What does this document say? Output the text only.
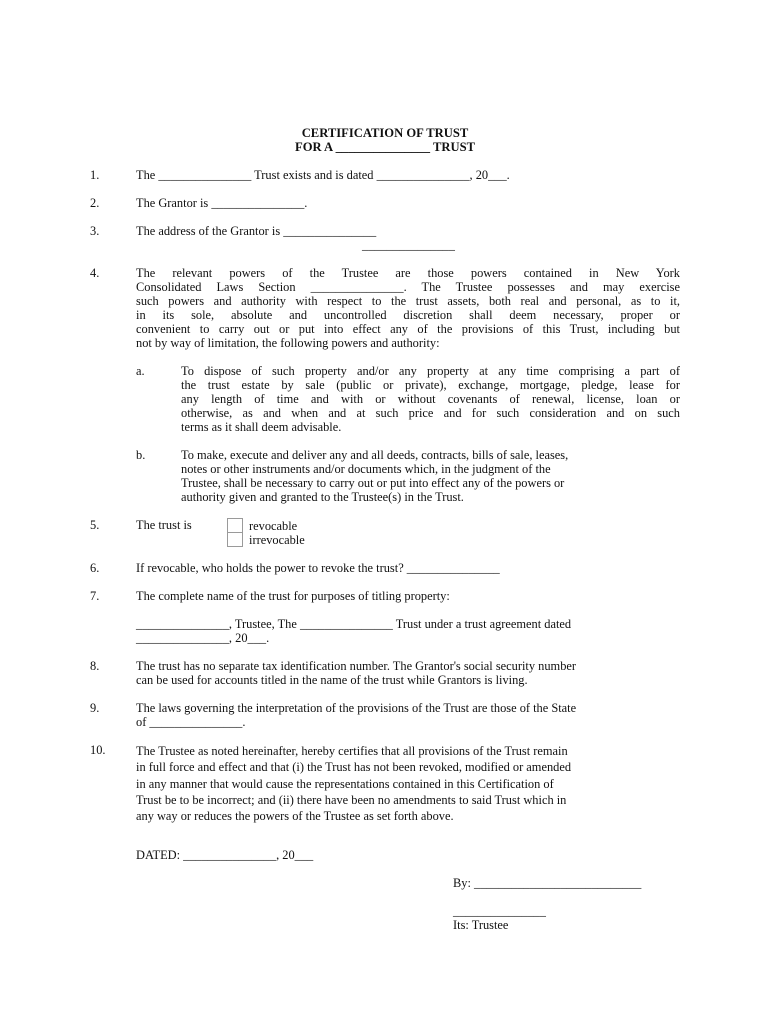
CERTIFICATION OF TRUST
FOR A _______________ TRUST
1.	The _______________ Trust exists and is dated _______________, 20___.
2.	The Grantor is _______________.
3.	The address of the Grantor is _______________
_______________
4.	The relevant powers of the Trustee are those powers contained in New York
Consolidated Laws Section _______________. The Trustee possesses and may exercise
such powers and authority with respect to the trust assets, both real and personal, as to it,
in its sole, absolute and uncontrolled discretion shall deem necessary, proper or
convenient to carry out or put into effect any of the provisions of this Trust, including but
not by way of limitation, the following powers and authority:
a.	To dispose of such property and/or any property at any time comprising a part of
the trust estate by sale (public or private), exchange, mortgage, pledge, lease for
any length of time and with or without covenants of renewal, license, loan or
otherwise, as and when and at such price and for such consideration and on such
terms as it shall deem advisable.
b.	To make, execute and deliver any and all deeds, contracts, bills of sale, leases,
notes or other instruments and/or documents which, in the judgment of the
Trustee, shall be necessary to carry out or put into effect any of the powers or
authority given and granted to the Trustee(s) in the Trust.
5.	The trust is	revocable
irrevocable
6.	If revocable, who holds the power to revoke the trust? _______________
7.	The complete name of the trust for purposes of titling property:
_______________, Trustee, The _______________ Trust under a trust agreement dated
_______________, 20___.
8.	The trust has no separate tax identification number. The Grantor's social security number
can be used for accounts titled in the name of the trust while Grantors is living.
9.	The laws governing the interpretation of the provisions of the Trust are those of the State
of _______________.
10. The Trustee as noted hereinafter, hereby certifies that all provisions of the Trust remain
in full force and effect and that (i) the Trust has not been revoked, modified or amended
in any manner that would cause the representations contained in this Certification of
Trust be to be incorrect; and (ii) there have been no amendments to said Trust which in
any way or reduces the powers of the Trustee as set forth above.
DATED: _______________, 20___
By: ___________________________
_______________
Its: Trustee
